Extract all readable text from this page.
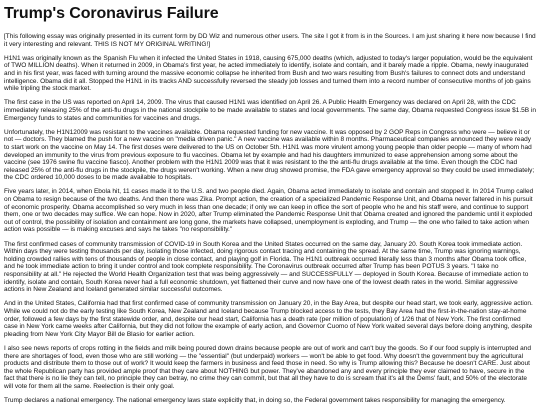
Trump's Coronavirus Failure

[This following essay was originally presented in its current form by DD Wiz and numerous other users. The site I got it from is in the Sources. I am just sharing it here now because I find it very interesting and relevant. THIS IS NOT MY ORIGINAL WRITING!]

H1N1 was originally known as the Spanish Flu when it infected the United States in 1918, causing 675,000 deaths (which, adjusted to today's larger population, would be the equivalent of TWO MILLION deaths). When it returned in 2009, in Obama's first year, he acted immediately to identify, isolate and contain, and it barely made a ripple. Obama, newly inaugurated and in his first year, was faced with turning around the massive economic collapse he inherited from Bush and two wars resulting from Bush's failures to connect dots and understand intelligence. Obama did it all. Stopped the H1N1 in its tracks AND successfully reversed the steady job losses and turned them into a record number of consecutive months of job gains while tripling the stock market.

The first case in the US was reported on April 14, 2009. The virus that caused H1N1 was identified on April 26. A Public Health Emergency was declared on April 28, with the CDC immediately releasing 25% of the anti-flu drugs in the national stockpile to be made available to states and local governments. The same day, Obama requested Congress issue $1.5B in Emergency funds to states and communities for vaccines and drugs.

Unfortunately, the H1N12009 was resistant to the vaccines available. Obama requested funding for new vaccine. It was opposed by 2 GOP Reps in Congress who were — believe it or not — doctors. They blamed the push for a new vaccine on "media driven panic." A new vaccine was available within 8 months. Pharmaceutical companies announced they were ready to start work on the vaccine on May 14. The first doses were delivered to the US on October 5th. H1N1 was more virulent among young people than older people — many of whom had developed an immunity to the virus from previous exposure to flu vaccines. Obama let by example and had his daughters immunized to ease apprehension among some about the vaccine (see 1976 swine flu vaccine fiasco). Another problem with the H1N1 2009 was that it was resistant to the the anti-flu drugs available at the time. Even though the CDC had released 25% of the anti-flu drugs in the stockpile, the drugs weren't working. When a new drug showed promise, the FDA gave emergency approval so they could be used immediately; the CDC ordered 10,000 doses to be made available to hospitals.

Five years later, in 2014, when Ebola hit, 11 cases made it to the U.S. and two people died. Again, Obama acted immediately to isolate and contain and stopped it. In 2014 Trump called on Obama to resign because of the two deaths. And then there was Zika. Prompt action, the creation of a specialized Pandemic Response Unit, and Obama never faltered in his pursuit of economic prosperity. Obama accomplished so very much in less than one decade; if only we can keep in office the sort of people who he and his staff were, and continue to support them, one or two decades may suffice. We can hope. Now in 2020, after Trump eliminated the Pandemic Response Unit that Obama created and ignored the pandemic until it exploded out of control, the possibility of isolation and containment are long gone, the markets have collapsed, unemployment is exploding, and Trump — the one who failed to take action when action was possible — is making excuses and says he takes "no responsibility."

The first confirmed cases of community transmission of COVID-19 in South Korea and the United States occurred on the same day, January 20. South Korea took immediate action. Within days they were testing thousands per day, isolating those infected, doing rigorous contact tracing and containing the spread. At the same time, Trump was ignoring warnings, holding crowded rallies with tens of thousands of people in close contact, and playing golf in Florida. The H1N1 outbreak occurred literally less than 3 months after Obama took office, and he took immediate action to bring it under control and took complete responsibility. The Coronavirus outbreak occurred after Trump has been POTUS 3 years. "I take no responsibility at all." He rejected the World Health Organization test that was being aggressively — and SUCCESSFULLY — deployed in South Korea. Because of immediate action to identify, isolate and contain, South Korea never had a full economic shutdown, yet flattened their curve and now have one of the lowest death rates in the world. Similar aggressive actions in New Zealand and Iceland generated similar successful outcomes.

And in the United States, California had that first confirmed case of community transmission on January 20, in the Bay Area, but despite our head start, we took early, aggressive action. While we could not do the early testing like South Korea, New Zealand and Iceland because Trump blocked access to the tests, they Bay Area had the first-in-the-nation stay-at-home order, followed a few days by the first statewide order, and, despite our head start, California has a death rate (per million of population) of 1/26 that of New York. The first confirmed case in New York came weeks after California, but they did not follow the example of early action, and Governor Cuomo of New York waited several days before doing anything, despite pleading from New York City Mayor Bill de Blasio for earlier action.

I also see news reports of crops rotting in the fields and milk being poured down drains because people are out of work and can't buy the goods. So if our food supply is interrupted and there are shortages of food, even those who are still working — the "essential" (but underpaid) workers — won't be able to get food. Why doesn't the government buy the agricultural products and distribute them to those out of work? It would keep the farmers in business and feed those in need. So why is Trump allowing this? Because he doesn't CARE. Just about the whole Republican party has provided ample proof that they care about NOTHING but power. They've abandoned any and every principle they ever claimed to have, secure in the fact that there is no lie they can tell, no principle they can betray, no crime they can commit, but that all they have to do is scream that it's all the Dems' fault, and 50% of the electorate will vote for them all the same. Reelection is their only goal.

Trump declares a national emergency. The national emergency laws state explicitly that, in doing so, the Federal government takes responsibility for managing the emergency.
